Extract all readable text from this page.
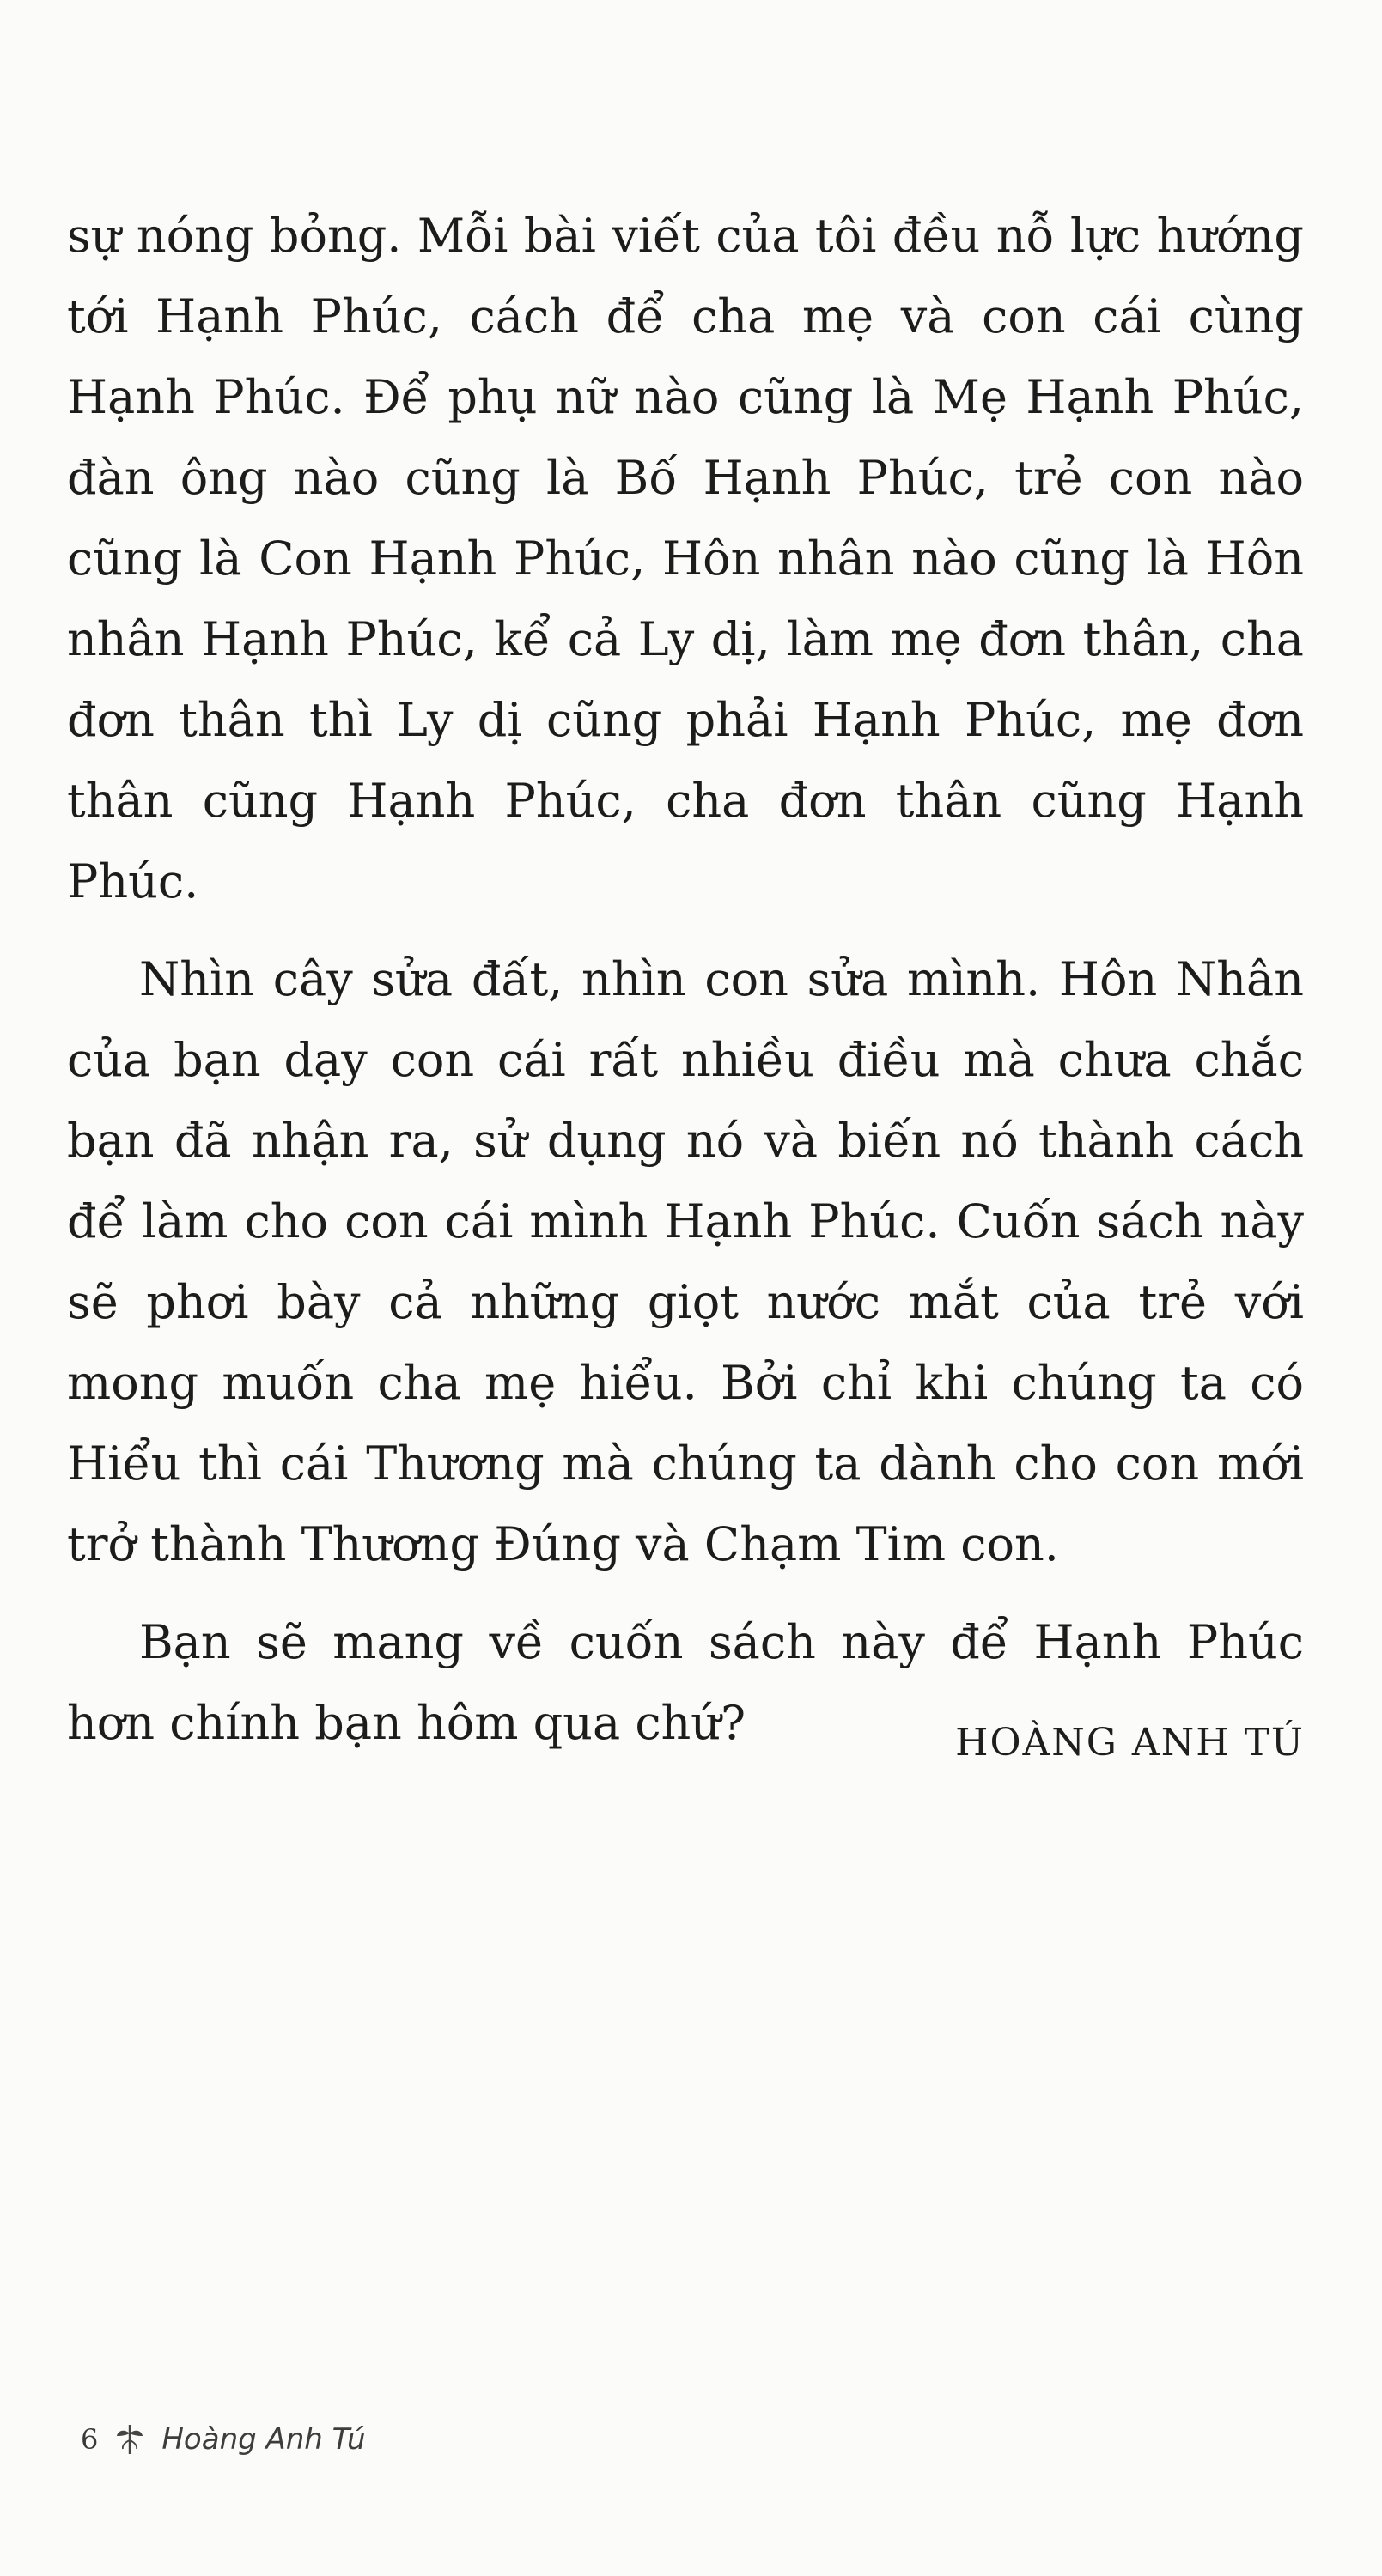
sự nóng bỏng. Mỗi bài viết của tôi đều nỗ lực hướng tới Hạnh Phúc, cách để cha mẹ và con cái cùng Hạnh Phúc. Để phụ nữ nào cũng là Mẹ Hạnh Phúc, đàn ông nào cũng là Bố Hạnh Phúc, trẻ con nào cũng là Con Hạnh Phúc, Hôn nhân nào cũng là Hôn nhân Hạnh Phúc, kể cả Ly dị, làm mẹ đơn thân, cha đơn thân thì Ly dị cũng phải Hạnh Phúc, mẹ đơn thân cũng Hạnh Phúc, cha đơn thân cũng Hạnh Phúc.

Nhìn cây sửa đất, nhìn con sửa mình. Hôn Nhân của bạn dạy con cái rất nhiều điều mà chưa chắc bạn đã nhận ra, sử dụng nó và biến nó thành cách để làm cho con cái mình Hạnh Phúc. Cuốn sách này sẽ phơi bày cả những giọt nước mắt của trẻ với mong muốn cha mẹ hiểu. Bởi chỉ khi chúng ta có Hiểu thì cái Thương mà chúng ta dành cho con mới trở thành Thương Đúng và Chạm Tim con.

Bạn sẽ mang về cuốn sách này để Hạnh Phúc hơn chính bạn hôm qua chứ?	HOÀNG ANH TÚ
6 Hoàng Anh Tú
